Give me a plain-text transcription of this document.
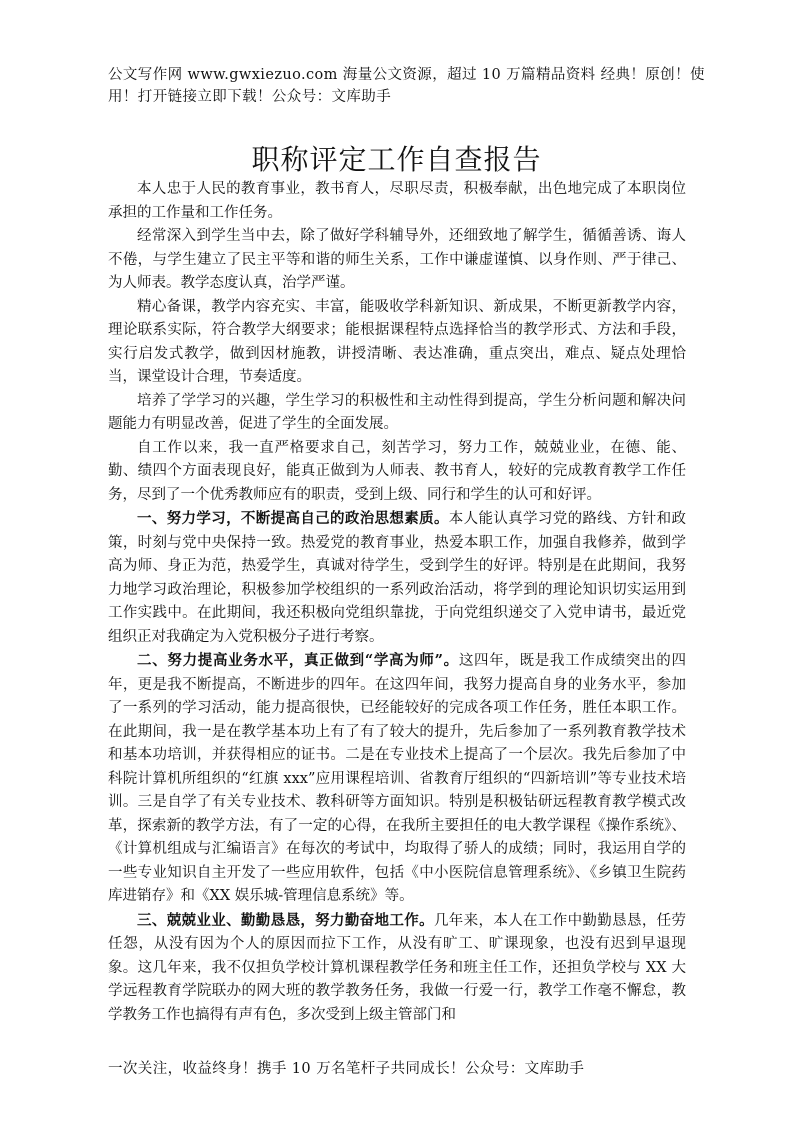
公文写作网 www.gwxiezuo.com 海量公文资源，超过 10 万篇精品资料 经典！原创！使用！打开链接立即下载！公众号：文库助手

职称评定工作自查报告

本人忠于人民的教育事业，教书育人，尽职尽责，积极奉献，出色地完成了本职岗位承担的工作量和工作任务。

经常深入到学生当中去，除了做好学科辅导外，还细致地了解学生，循循善诱、诲人不倦，与学生建立了民主平等和谐的师生关系，工作中谦虚谨慎、以身作则、严于律己、为人师表。教学态度认真，治学严谨。

精心备课，教学内容充实、丰富，能吸收学科新知识、新成果，不断更新教学内容，理论联系实际，符合教学大纲要求；能根据课程特点选择恰当的教学形式、方法和手段，实行启发式教学，做到因材施教，讲授清晰、表达准确，重点突出，难点、疑点处理恰当，课堂设计合理，节奏适度。

培养了学学习的兴趣，学生学习的积极性和主动性得到提高，学生分析问题和解决问题能力有明显改善，促进了学生的全面发展。

自工作以来，我一直严格要求自己，刻苦学习，努力工作，兢兢业业，在德、能、勤、绩四个方面表现良好，能真正做到为人师表、教书育人，较好的完成教育教学工作任务，尽到了一个优秀教师应有的职责，受到上级、同行和学生的认可和好评。

一、努力学习，不断提高自己的政治思想素质。本人能认真学习党的路线、方针和政策，时刻与党中央保持一致。热爱党的教育事业，热爱本职工作，加强自我修养，做到学高为师、身正为范，热爱学生，真诚对待学生，受到学生的好评。特别是在此期间，我努力地学习政治理论，积极参加学校组织的一系列政治活动，将学到的理论知识切实运用到工作实践中。在此期间，我还积极向党组织靠拢，于向党组织递交了入党申请书，最近党组织正对我确定为入党积极分子进行考察。

二、努力提高业务水平，真正做到“学高为师”。这四年，既是我工作成绩突出的四年，更是我不断提高，不断进步的四年。在这四年间，我努力提高自身的业务水平，参加了一系列的学习活动，能力提高很快，已经能较好的完成各项工作任务，胜任本职工作。在此期间，我一是在教学基本功上有了有了较大的提升，先后参加了一系列教育教学技术和基本功培训，并获得相应的证书。二是在专业技术上提高了一个层次。我先后参加了中科院计算机所组织的“红旗 xxx”应用课程培训、省教育厅组织的“四新培训”等专业技术培训。三是自学了有关专业技术、教科研等方面知识。特别是积极钻研远程教育教学模式改革，探索新的教学方法，有了一定的心得，在我所主要担任的电大教学课程《操作系统》、《计算机组成与汇编语言》在每次的考试中，均取得了骄人的成绩；同时，我运用自学的一些专业知识自主开发了一些应用软件，包括《中小医院信息管理系统》、《乡镇卫生院药库进销存》和《XX 娱乐城-管理信息系统》等。

三、兢兢业业、勤勤恳恳，努力勤奋地工作。几年来，本人在工作中勤勤恳恳，任劳任怨，从没有因为个人的原因而拉下工作，从没有旷工、旷课现象，也没有迟到早退现象。这几年来，我不仅担负学校计算机课程教学任务和班主任工作，还担负学校与 XX 大学远程教育学院联办的网大班的教学教务任务，我做一行爱一行，教学工作毫不懈怠，教学教务工作也搞得有声有色，多次受到上级主管部门和

一次关注，收益终身！携手 10 万名笔杆子共同成长！公众号：文库助手
